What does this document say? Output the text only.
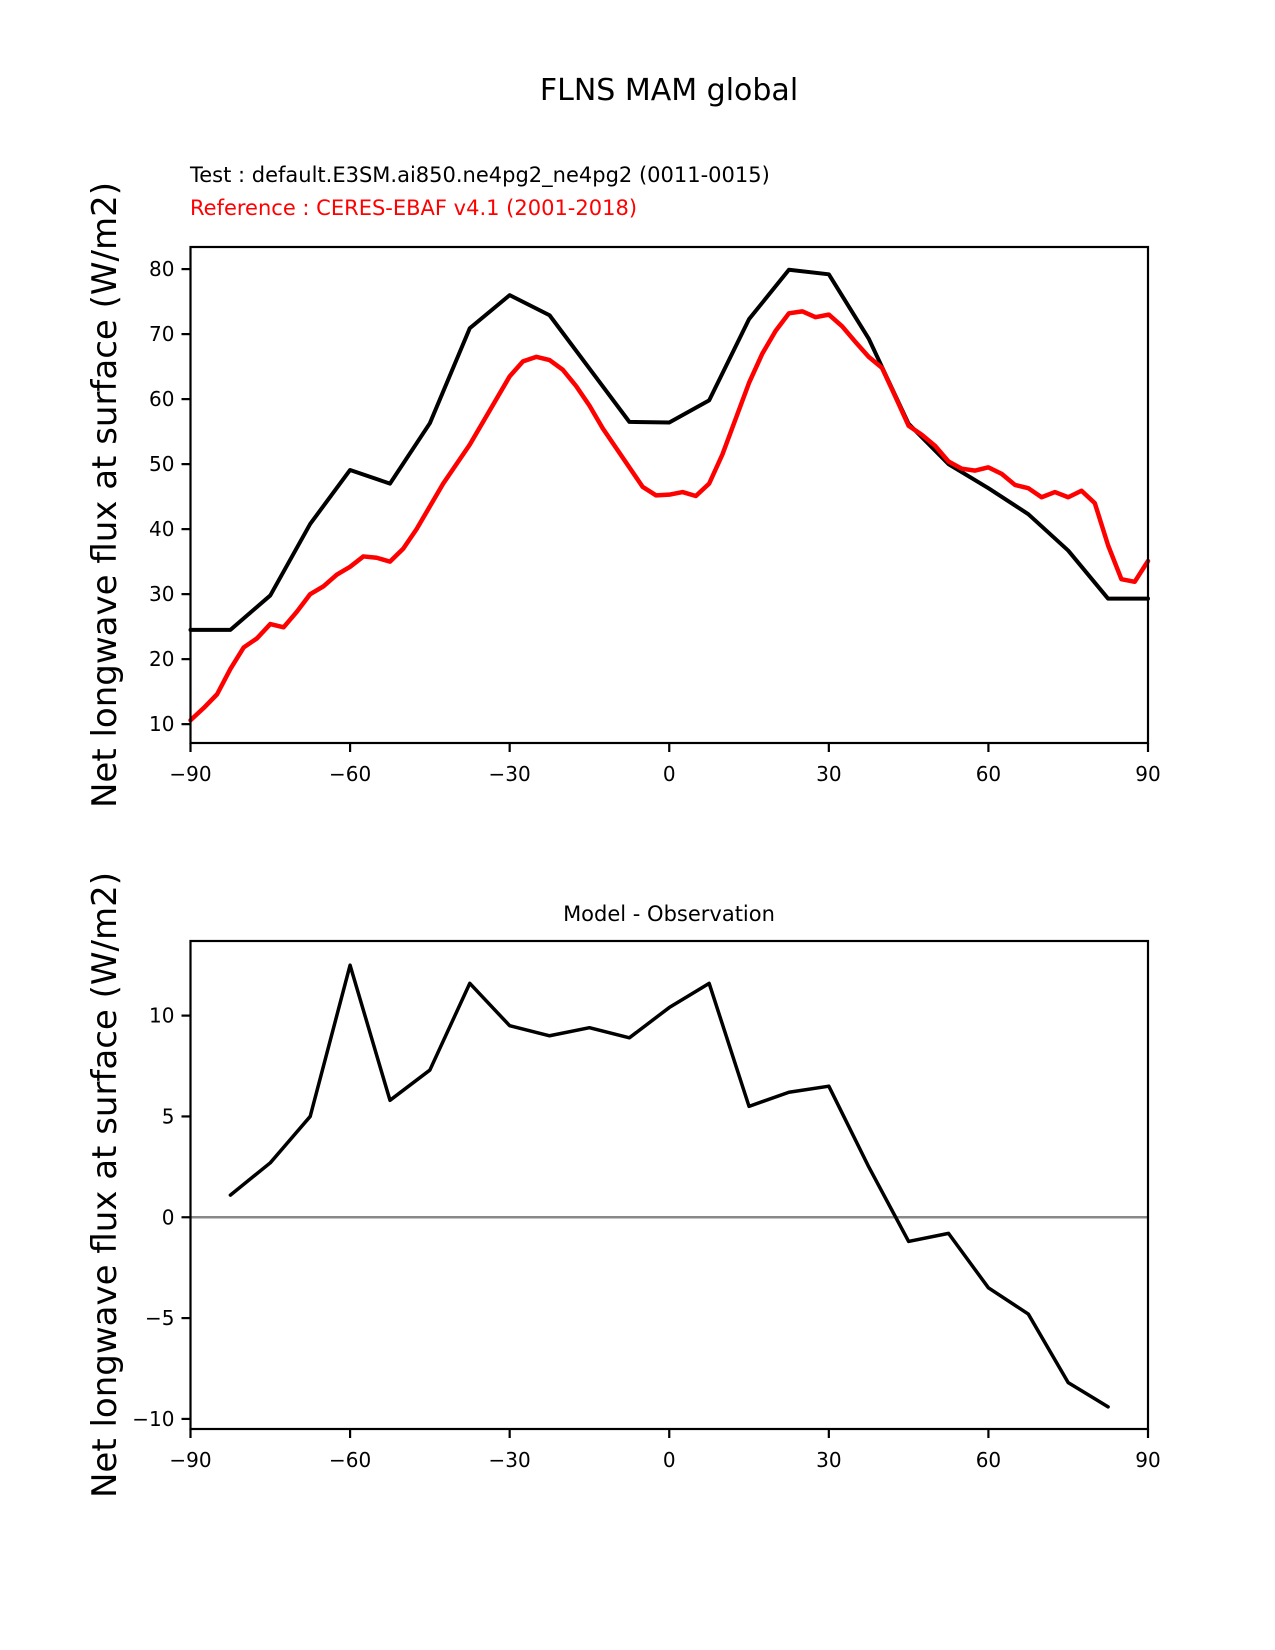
FLNS MAM global
Test : default.E3SM.ai850.ne4pg2_ne4pg2 (0011-0015)
Reference : CERES-EBAF v4.1 (2001-2018)
Net longwave flux at surface (W/m2)
Net longwave flux at surface (W/m2)	Model - Observation
−90	−60	−30	0	30	60	90
10
20
30
40
50
60
70
80
−90	−60	−30	0	30	60	90
−10
−5
0
5
10
